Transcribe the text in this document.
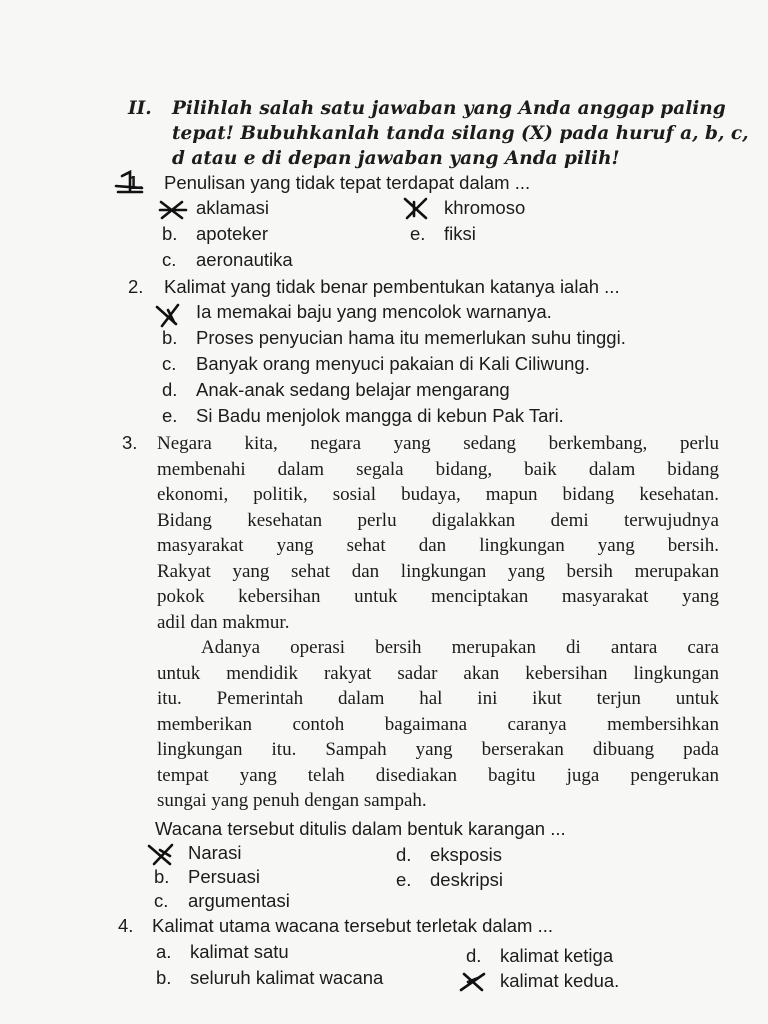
II. Pilihlah salah satu jawaban yang Anda anggap paling
tepat! Bubuhkanlah tanda silang (X) pada huruf a, b, c,
d atau e di depan jawaban yang Anda pilih!
1. Penulisan yang tidak tepat terdapat dalam ...
aklamasi
b. apoteker
c. aeronautika
khromoso
e. fiksi
2. Kalimat yang tidak benar pembentukan katanya ialah ...
Ia memakai baju yang mencolok warnanya.
b. Proses penyucian hama itu memerlukan suhu tinggi.
c. Banyak orang menyuci pakaian di Kali Ciliwung.
d. Anak-anak sedang belajar mengarang
e. Si Badu menjolok mangga di kebun Pak Tari.
3. Negara kita, negara yang sedang berkembang, perlu
membenahi dalam segala bidang, baik dalam bidang
ekonomi, politik, sosial budaya, mapun bidang kesehatan.
Bidang kesehatan perlu digalakkan demi terwujudnya
masyarakat yang sehat dan lingkungan yang bersih.
Rakyat yang sehat dan lingkungan yang bersih merupakan
pokok kebersihan untuk menciptakan masyarakat yang
adil dan makmur.
Adanya operasi bersih merupakan di antara cara
untuk mendidik rakyat sadar akan kebersihan lingkungan
itu. Pemerintah dalam hal ini ikut terjun untuk
memberikan contoh bagaimana caranya membersihkan
lingkungan itu. Sampah yang berserakan dibuang pada
tempat yang telah disediakan bagitu juga pengerukan
sungai yang penuh dengan sampah.
Wacana tersebut ditulis dalam bentuk karangan ...
Narasi
b. Persuasi
c. argumentasi
d. eksposis
e. deskripsi
4. Kalimat utama wacana tersebut terletak dalam ...
a. kalimat satu
b. seluruh kalimat wacana
d. kalimat ketiga
kalimat kedua.
